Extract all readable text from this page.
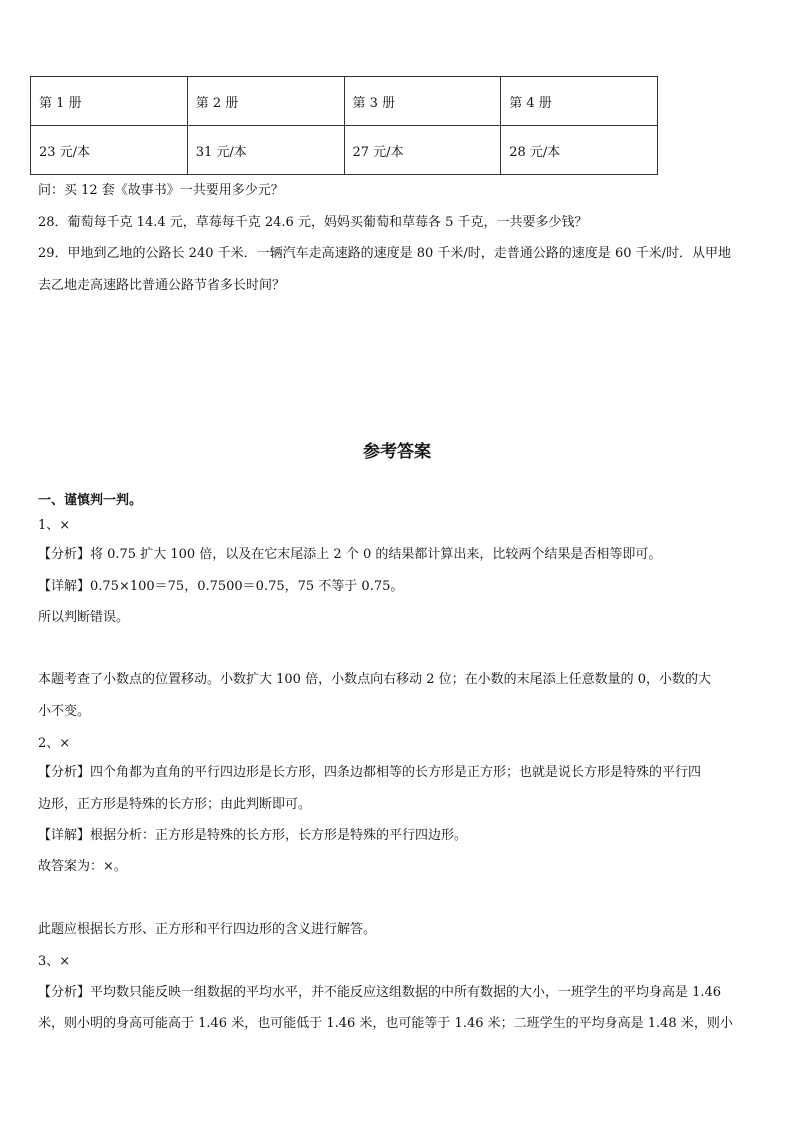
第 1 册	第 2 册	第 3 册	第 4 册
23 元/本	31 元/本	27 元/本	28 元/本
问：买 12 套《故事书》一共要用多少元？
28．葡萄每千克 14.4 元，草莓每千克 24.6 元，妈妈买葡萄和草莓各 5 千克，一共要多少钱？
29．甲地到乙地的公路长 240 千米．一辆汽车走高速路的速度是 80 千米/时，走普通公路的速度是 60 千米/时．从甲地
去乙地走高速路比普通公路节省多长时间？
参考答案
一、谨慎判一判。
1、×
【分析】将 0.75 扩大 100 倍，以及在它末尾添上 2 个 0 的结果都计算出来，比较两个结果是否相等即可。
【详解】0.75×100＝75，0.7500＝0.75，75 不等于 0.75。
所以判断错误。
本题考查了小数点的位置移动。小数扩大 100 倍，小数点向右移动 2 位；在小数的末尾添上任意数量的 0，小数的大
小不变。
2、×
【分析】四个角都为直角的平行四边形是长方形，四条边都相等的长方形是正方形；也就是说长方形是特殊的平行四
边形，正方形是特殊的长方形；由此判断即可。
【详解】根据分析：正方形是特殊的长方形，长方形是特殊的平行四边形。
故答案为：×。
此题应根据长方形、正方形和平行四边形的含义进行解答。
3、×
【分析】平均数只能反映一组数据的平均水平，并不能反应这组数据的中所有数据的大小，一班学生的平均身高是 1.46
米，则小明的身高可能高于 1.46 米，也可能低于 1.46 米，也可能等于 1.46 米；二班学生的平均身高是 1.48 米，则小
